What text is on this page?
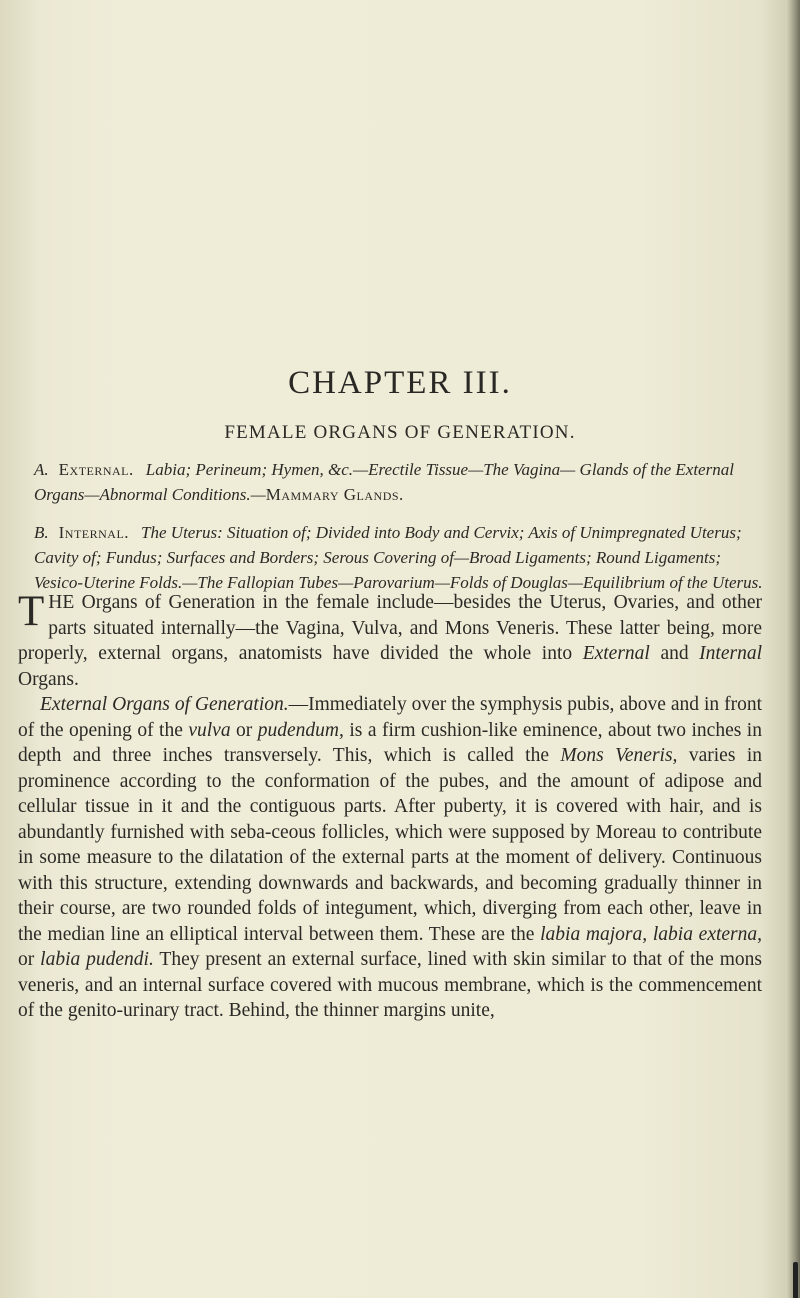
CHAPTER III.
FEMALE ORGANS OF GENERATION.
A. External. Labia; Perineum; Hymen, &c.—Erectile Tissue—The Vagina— Glands of the External Organs—Abnormal Conditions.—Mammary Glands.
B. Internal. The Uterus: Situation of; Divided into Body and Cervix; Axis of Unimpregnated Uterus; Cavity of; Fundus; Surfaces and Borders; Serous Covering of—Broad Ligaments; Round Ligaments; Vesico-Uterine Folds.—The Fallopian Tubes—Parovarium—Folds of Douglas—Equilibrium of the Uterus.

THE Organs of Generation in the female include—besides the Uterus, Ovaries, and other parts situated internally—the Vagina, Vulva, and Mons Veneris. These latter being, more properly, external organs, anatomists have divided the whole into External and Internal Organs.

External Organs of Generation.—Immediately over the symphysis pubis, above and in front of the opening of the vulva or pudendum, is a firm cushion-like eminence, about two inches in depth and three inches transversely. This, which is called the Mons Veneris, varies in prominence according to the conformation of the pubes, and the amount of adipose and cellular tissue in it and the contiguous parts. After puberty, it is covered with hair, and is abundantly furnished with seba-ceous follicles, which were supposed by Moreau to contribute in some measure to the dilatation of the external parts at the moment of delivery. Continuous with this structure, extending downwards and backwards, and becoming gradually thinner in their course, are two rounded folds of integument, which, diverging from each other, leave in the median line an elliptical interval between them. These are the labia majora, labia externa, or labia pudendi. They present an external surface, lined with skin similar to that of the mons veneris, and an internal surface covered with mucous membrane, which is the commencement of the genito-urinary tract. Behind, the thinner margins unite,
